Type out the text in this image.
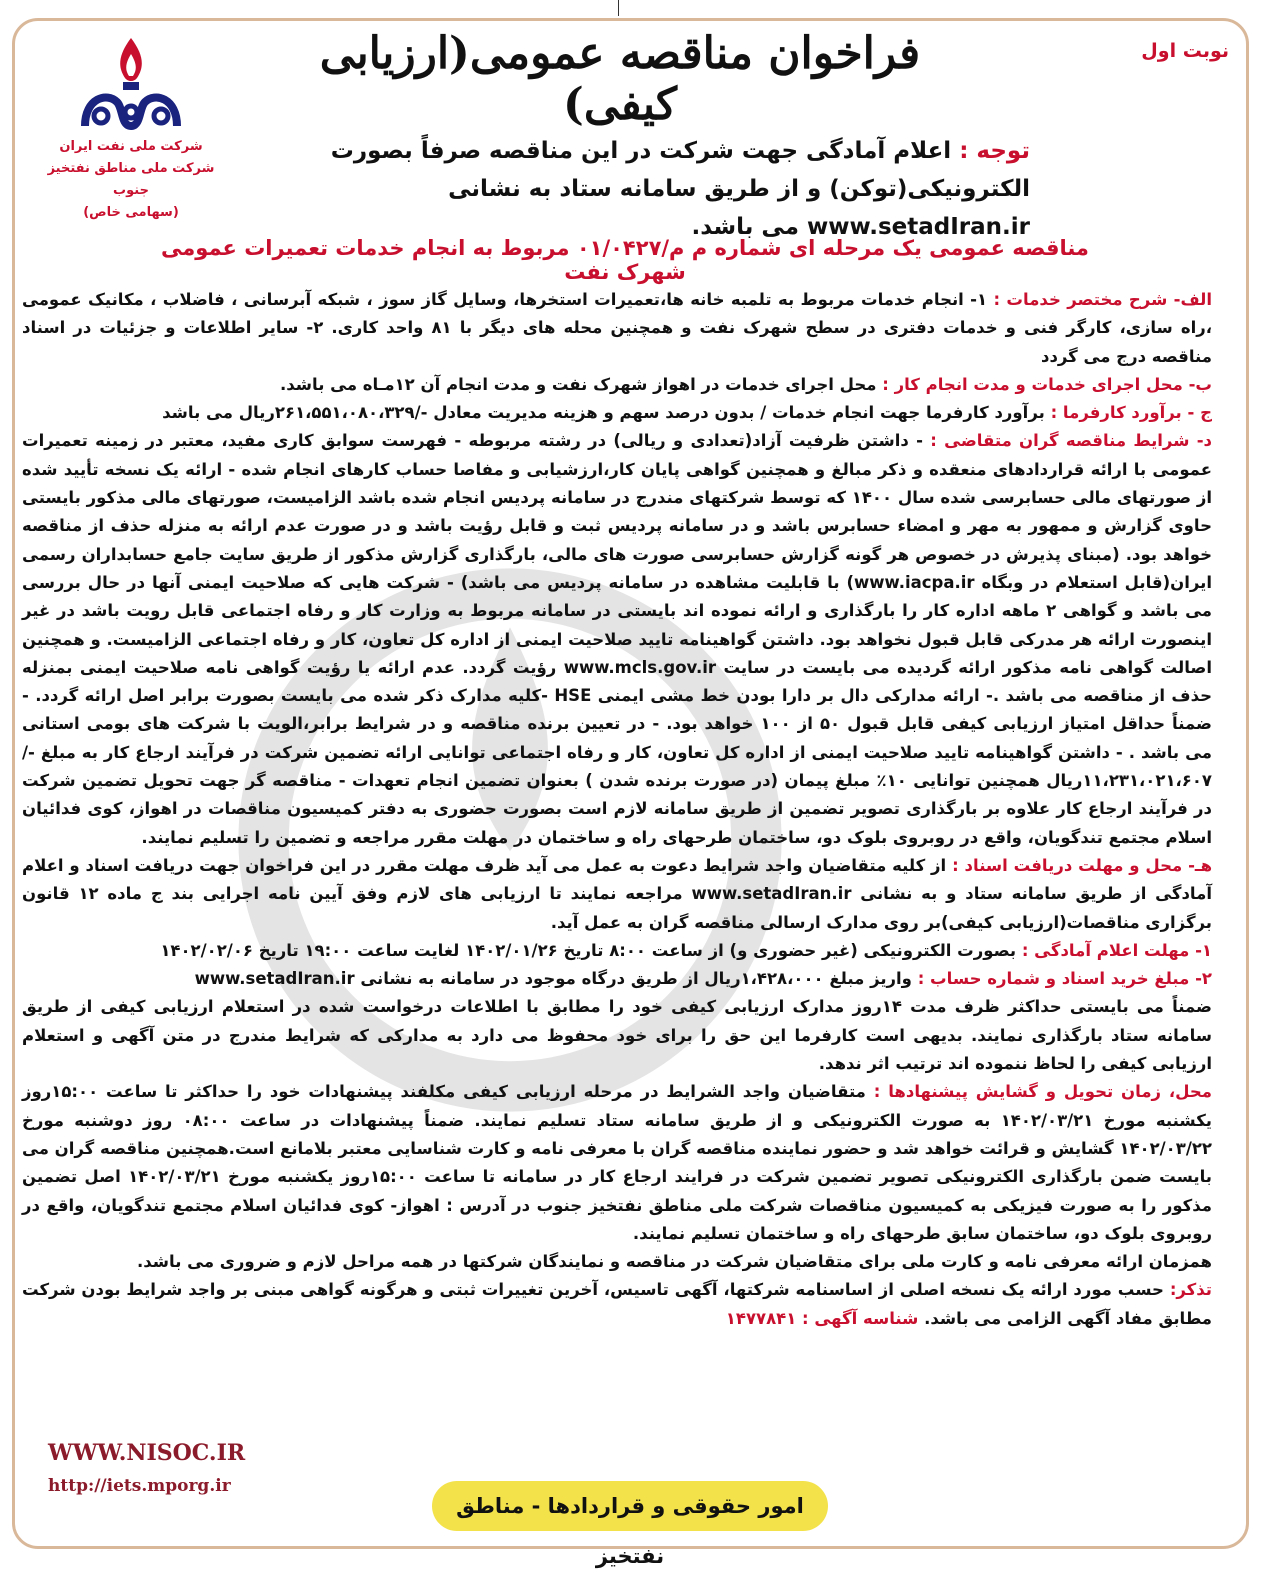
نوبت اول
فراخوان مناقصه عمومی(ارزیابی کیفی)
شرکت ملی نفت ایران
شرکت ملی مناطق نفتخیز جنوب
(سهامی خاص)
توجه : اعلام آمادگی جهت شرکت در این مناقصه صرفاً بصورت الکترونیکی(توکن) و از طریق سامانه ستاد به نشانی www.setadIran.ir می باشد.
مناقصه عمومی یک مرحله ای شماره م م/۰۱/۰۴۲۷ مربوط به انجام خدمات تعمیرات عمومی شهرک نفت

الف- شرح مختصر خدمات : ۱- انجام خدمات مربوط به تلمبه خانه ها،تعمیرات استخرها، وسایل گاز سوز ، شبکه آبرسانی ، فاضلاب ، مکانیک عمومی ،راه سازی، کارگر فنی و خدمات دفتری در سطح شهرک نفت و همچنین محله های دیگر با ۸۱ واحد کاری. ۲- سایر اطلاعات و جزئیات در اسناد مناقصه درج می گردد

ب- محل اجرای خدمات و مدت انجام کار : محل اجرای خدمات در اهواز شهرک نفت و مدت انجام آن ۱۲مـاه می باشد.

ج - برآورد کارفرما : برآورد کارفرما جهت انجام خدمات / بدون درصد سهم و هزینه مدیریت معادل -/۲۶۱،۵۵۱،۰۸۰،۳۲۹ریال می باشد

د- شرایط مناقصه گران متقاضی : - داشتن ظرفیت آزاد(تعدادی و ریالی) در رشته مربوطه - فهرست سوابق کاری مفید، معتبر در زمینه تعمیرات عمومی با ارائه قراردادهای منعقده و ذکر مبالغ و همچنین گواهی پایان کار،ارزشیابی و مفاصا حساب کارهای انجام شده - ارائه یک نسخه تأیید شده از صورتهای مالی حسابرسی شده سال ۱۴۰۰ که توسط شرکتهای مندرج در سامانه پردیس انجام شده باشد الزامیست، صورتهای مالی مذکور بایستی حاوی گزارش و ممهور به مهر و امضاء حسابرس باشد و در سامانه پردیس ثبت و قابل رؤیت باشد و در صورت عدم ارائه به منزله حذف از مناقصه خواهد بود. (مبنای پذیرش در خصوص هر گونه گزارش حسابرسی صورت های مالی، بارگذاری گزارش مذکور از طریق سایت جامع حسابداران رسمی ایران(قابل استعلام در وبگاه www.iacpa.ir) با قابلیت مشاهده در سامانه پردیس می باشد) - شرکت هایی که صلاحیت ایمنی آنها در حال بررسی می باشد و گواهی ۲ ماهه اداره کار را بارگذاری و ارائه نموده اند بایستی در سامانه مربوط به وزارت کار و رفاه اجتماعی قابل رویت باشد در غیر اینصورت ارائه هر مدرکی قابل قبول نخواهد بود. داشتن گواهینامه تایید صلاحیت ایمنی از اداره کل تعاون، کار و رفاه اجتماعی الزامیست. و همچنین اصالت گواهی نامه مذکور ارائه گردیده می بایست در سایت www.mcls.gov.ir رؤیت گردد. عدم ارائه یا رؤیت گواهی نامه صلاحیت ایمنی بمنزله حذف از مناقصه می باشد .- ارائه مدارکی دال بر دارا بودن خط مشی ایمنی HSE -کلیه مدارک ذکر شده می بایست بصورت برابر اصل ارائه گردد. - ضمناً حداقل امتیاز ارزیابی کیفی قابل قبول ۵۰ از ۱۰۰ خواهد بود. - در تعیین برنده مناقصه و در شرایط برابر،الویت با شرکت های بومی استانی می باشد . - داشتن گواهینامه تایید صلاحیت ایمنی از اداره کل تعاون، کار و رفاه اجتماعی توانایی ارائه تضمین شرکت در فرآیند ارجاع کار به مبلغ -/۱۱،۲۳۱،۰۲۱،۶۰۷ریال همچنین توانایی ۱۰٪ مبلغ پیمان (در صورت برنده شدن ) بعنوان تضمین انجام تعهدات - مناقصه گر جهت تحویل تضمین شرکت در فرآیند ارجاع کار علاوه بر بارگذاری تصویر تضمین از طریق سامانه لازم است بصورت حضوری به دفتر کمیسیون مناقصات در اهواز، کوی فدائیان اسلام مجتمع تندگویان، واقع در روبروی بلوک دو، ساختمان طرحهای راه و ساختمان در مهلت مقرر مراجعه و تضمین را تسلیم نمایند.

هـ- محل و مهلت دریافت اسناد : از کلیه متقاضیان واجد شرایط دعوت به عمل می آید ظرف مهلت مقرر در این فراخوان جهت دریافت اسناد و اعلام آمادگی از طریق سامانه ستاد و به نشانی www.setadIran.ir مراجعه نمایند تا ارزیابی های لازم وفق آیین نامه اجرایی بند ج ماده ۱۲ قانون برگزاری مناقصات(ارزیابی کیفی)بر روی مدارک ارسالی مناقصه گران به عمل آید.

۱- مهلت اعلام آمادگی : بصورت الکترونیکی (غیر حضوری و) از ساعت ۸:۰۰ تاریخ ۱۴۰۲/۰۱/۲۶ لغایت ساعت ۱۹:۰۰ تاریخ ۱۴۰۲/۰۲/۰۶

۲- مبلغ خرید اسناد و شماره حساب : واریز مبلغ ۱،۴۲۸،۰۰۰ریال از طریق درگاه موجود در سامانه به نشانی www.setadIran.ir

ضمناً می بایستی حداکثر ظرف مدت ۱۴روز مدارک ارزیابی کیفی خود را مطابق با اطلاعات درخواست شده در استعلام ارزیابی کیفی از طریق سامانه ستاد بارگذاری نمایند. بدیهی است کارفرما این حق را برای خود محفوظ می دارد به مدارکی که شرایط مندرج در متن آگهی و استعلام ارزیابی کیفی را لحاظ ننموده اند ترتیب اثر ندهد.

محل، زمان تحویل و گشایش پیشنهادها : متقاضیان واجد الشرایط در مرحله ارزیابی کیفی مکلفند پیشنهادات خود را حداکثر تا ساعت ۱۵:۰۰روز یکشنبه مورخ ۱۴۰۲/۰۳/۲۱ به صورت الکترونیکی و از طریق سامانه ستاد تسلیم نمایند. ضمناً پیشنهادات در ساعت ۰۸:۰۰ روز دوشنبه مورخ ۱۴۰۲/۰۳/۲۲ گشایش و قرائت خواهد شد و حضور نماینده مناقصه گران با معرفی نامه و کارت شناسایی معتبر بلامانع است.همچنین مناقصه گران می بایست ضمن بارگذاری الکترونیکی تصویر تضمین شرکت در فرایند ارجاع کار در سامانه تا ساعت ۱۵:۰۰روز یکشنبه مورخ ۱۴۰۲/۰۳/۲۱ اصل تضمین مذکور را به صورت فیزیکی به کمیسیون مناقصات شرکت ملی مناطق نفتخیز جنوب در آدرس : اهواز- کوی فدائیان اسلام مجتمع تندگویان، واقع در روبروی بلوک دو، ساختمان سابق طرحهای راه و ساختمان تسلیم نمایند.

همزمان ارائه معرفی نامه و کارت ملی برای متقاضیان شرکت در مناقصه و نمایندگان شرکتها در همه مراحل لازم و ضروری می باشد.

تذکر: حسب مورد ارائه یک نسخه اصلی از اساسنامه شرکتها، آگهی تاسیس، آخرین تغییرات ثبتی و هرگونه گواهی مبنی بر واجد شرایط بودن شرکت مطابق مفاد آگهی الزامی می باشد. شناسه آگهی : ۱۴۷۷۸۴۱

WWW.NISOC.IR
http://iets.mporg.ir
امور حقوقی و قراردادها - مناطق نفتخیز
